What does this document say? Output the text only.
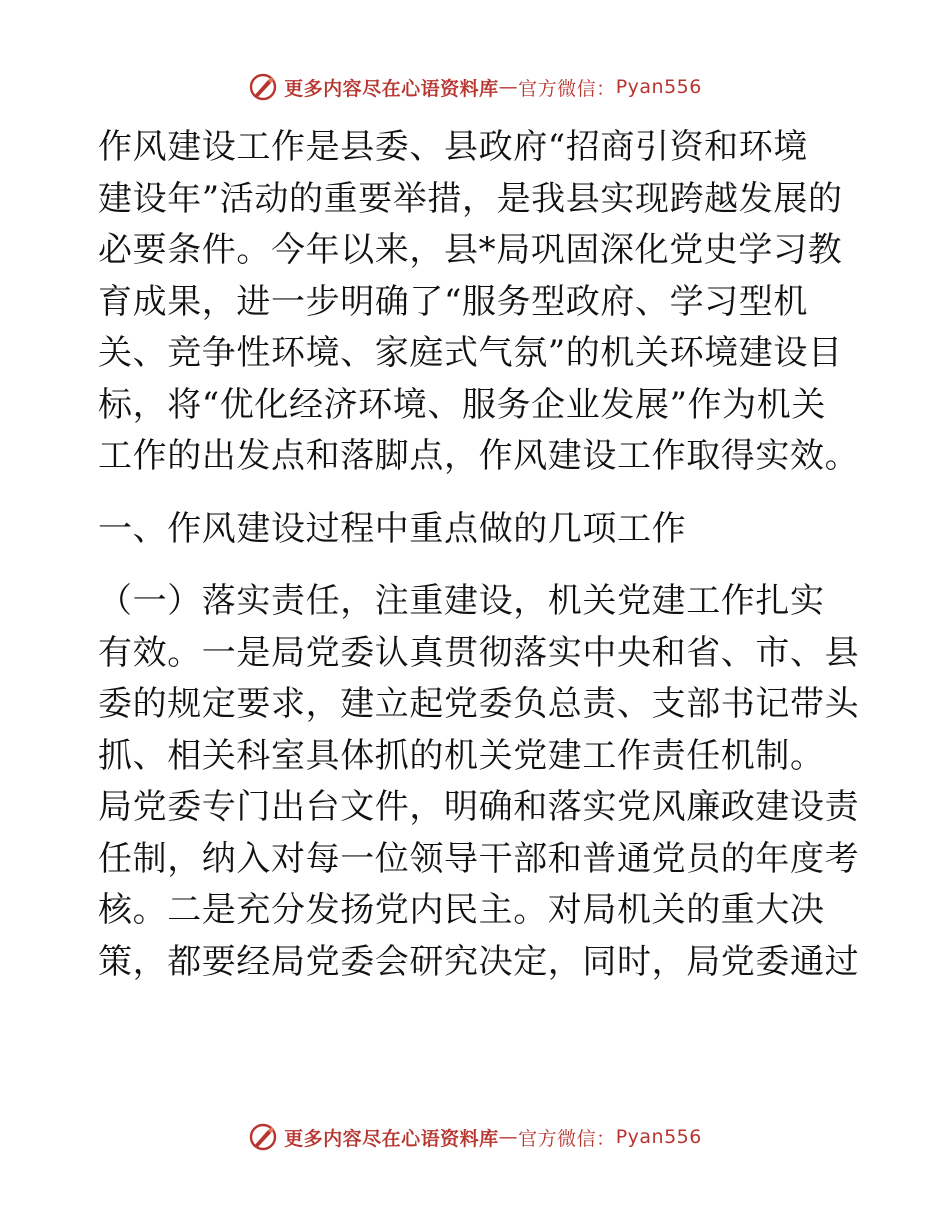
更多内容尽在心语资料库 — 官方微信： Pyan556
作风建设工作是县委、县政府“招商引资和环境
建设年”活动的重要举措，是我县实现跨越发展的
必要条件。今年以来，县*局巩固深化党史学习教
育成果，进一步明确了“服务型政府、学习型机
关、竞争性环境、家庭式气氛”的机关环境建设目
标，将“优化经济环境、服务企业发展”作为机关
工作的出发点和落脚点，作风建设工作取得实效。
一、作风建设过程中重点做的几项工作
（一）落实责任，注重建设，机关党建工作扎实
有效。一是局党委认真贯彻落实中央和省、市、县
委的规定要求，建立起党委负总责、支部书记带头
抓、相关科室具体抓的机关党建工作责任机制。
局党委专门出台文件，明确和落实党风廉政建设责
任制，纳入对每一位领导干部和普通党员的年度考
核。二是充分发扬党内民主。对局机关的重大决
策，都要经局党委会研究决定，同时，局党委通过
更多内容尽在心语资料库 — 官方微信： Pyan556
